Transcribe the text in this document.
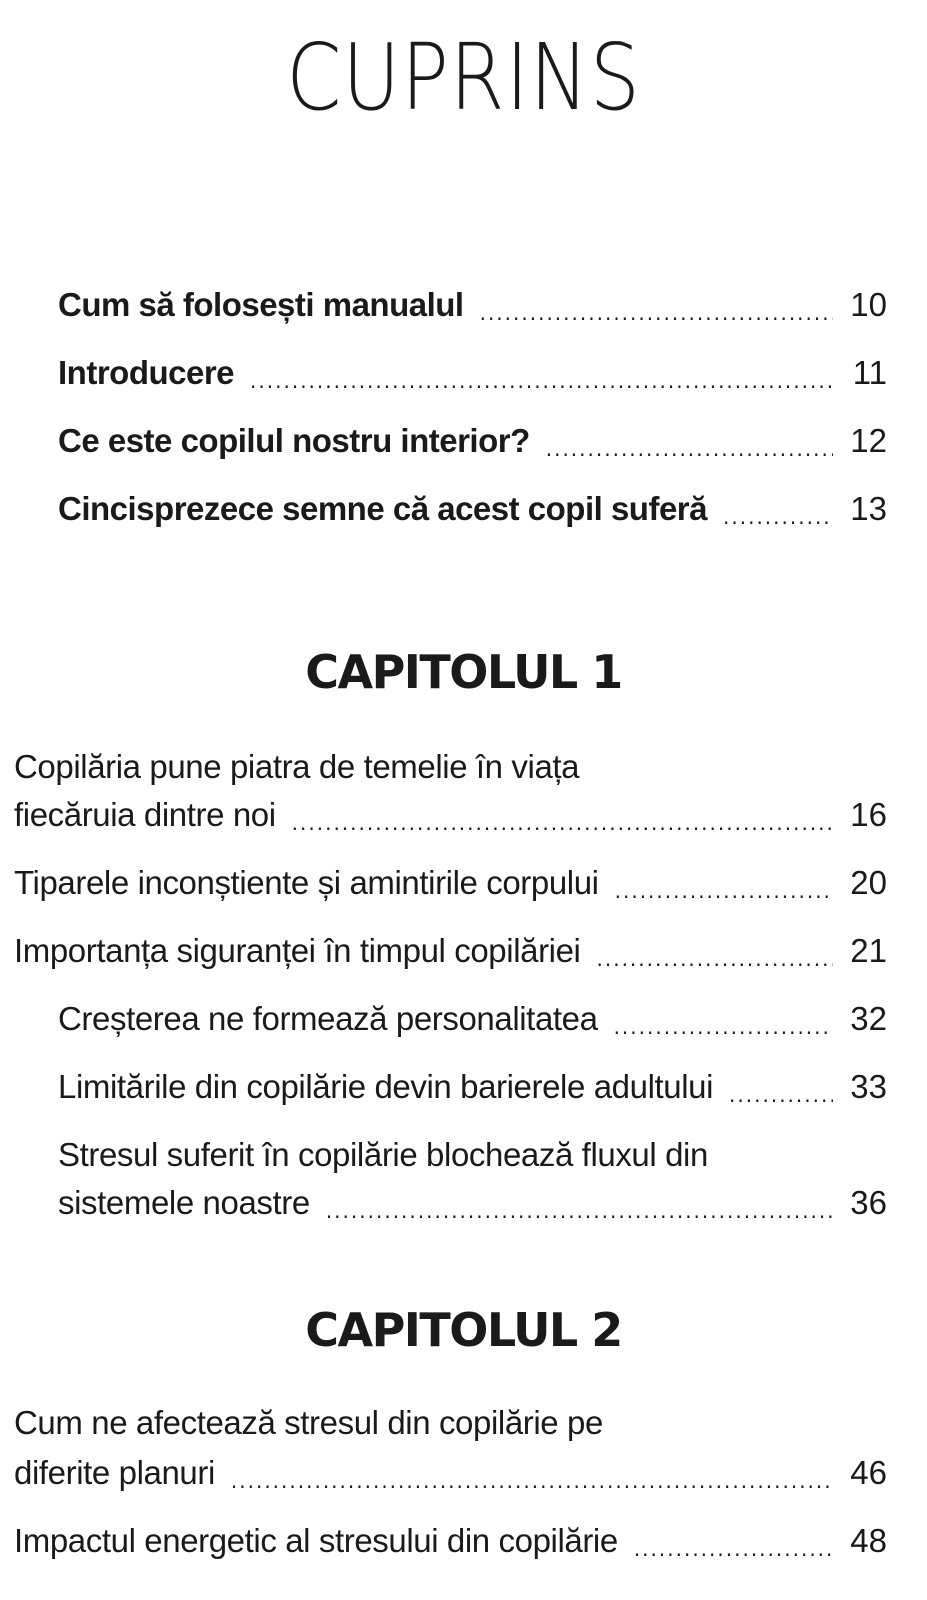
CUPRINS
Cum să folosești manualul .....	10
Introducere .....	11
Ce este copilul nostru interior? .....	12
Cincisprezece semne că acest copil suferă .....	13
CAPITOLUL 1
Copilăria pune piatra de temelie în viața
fiecăruia dintre noi .....	16
Tiparele inconștiente și amintirile corpului .....	20
Importanța siguranței în timpul copilăriei .....	21
Creșterea ne formează personalitatea .....	32
Limitările din copilărie devin barierele adultului .....	33
Stresul suferit în copilărie blochează fluxul din
sistemele noastre .....	36
CAPITOLUL 2
Cum ne afectează stresul din copilărie pe
diferite planuri .....	46
Impactul energetic al stresului din copilărie .....	48
